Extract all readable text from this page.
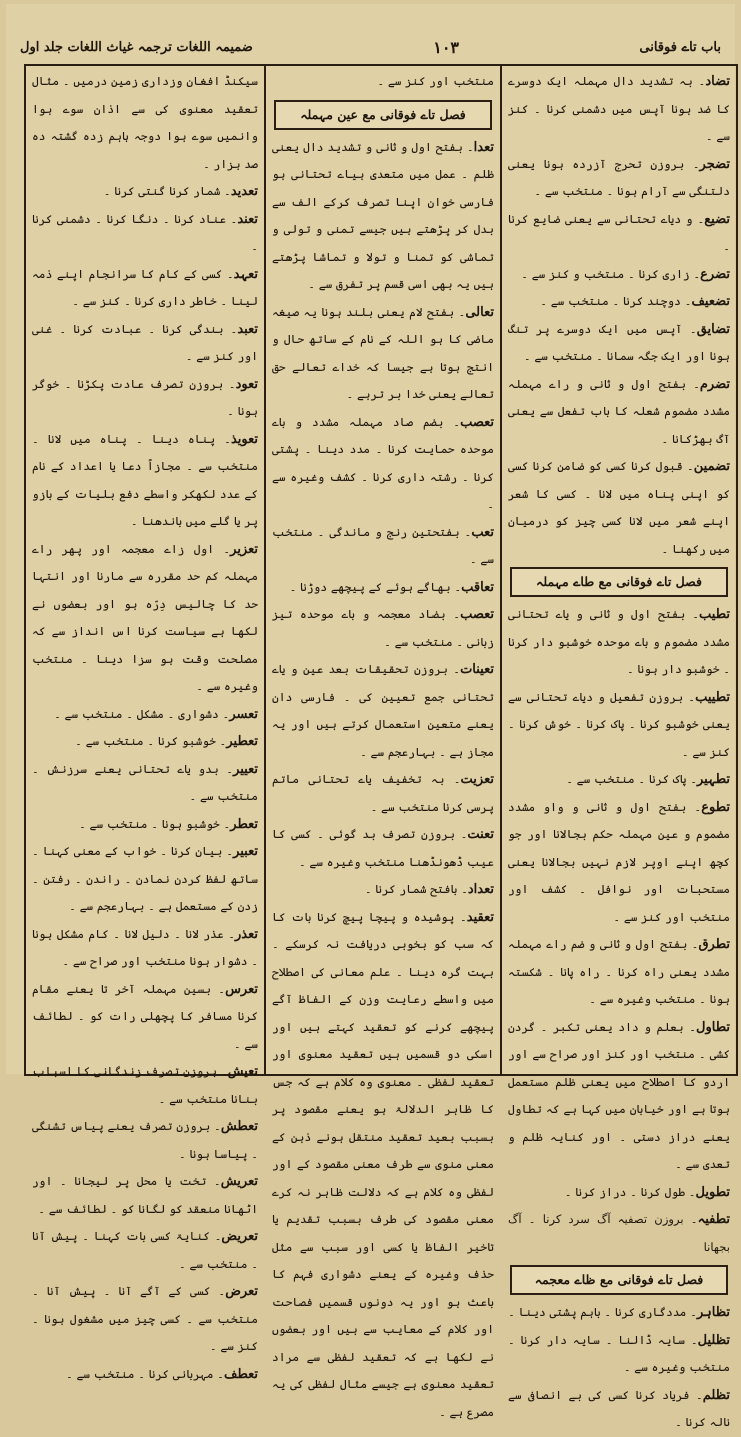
باب تاے فوقانی
۱۰۳
ضمیمہ اللغات ترجمہ غیاث اللغات جلد اول
تضاد۔ بہ تشدید دال مہملہ ایک دوسرے کا ضد ہونا آپس میں دشمنی کرنا ۔ کنز سے ۔
تضجر۔ بروزن تحرج آزرده ہونا یعنی دلتنگی سے آرام ہونا ۔ منتخب سے ۔
تضیع۔ و دیاے تحتانی سے یعنی ضایع کرنا ۔
تضرع۔ زاری کرنا ۔ منتخب و کنز سے ۔
تضعیف۔ دوچند کرنا ۔ منتخب سے ۔
تضایق۔ آپس میں ایک دوسرے پر تنگ ہونا اور ایک جگہ سمانا ۔ منتخب سے ۔
تضرم۔ بفتح اول و ثانی و راے مہملہ مشدد مضموم شعلہ کا باب تفعل سے یعنی آگ بھڑکانا ۔
تضمین۔ قبول کرنا کسی کو ضامن کرنا کسی کو اپنی پناہ میں لانا ۔ کسی کا شعر اپنے شعر میں لانا کسی چیز کو درمیان میں رکھنا ۔
فصل تاے فوقانی مع طاے مہملہ
تطیب۔ بفتح اول و ثانی و یاے تحتانی مشدد مضموم و باے موحدہ خوشبو دار کرنا ۔ خوشبو دار ہونا ۔
تطییب۔ بروزن تفعیل و دیاے تحتانی سے یعنی خوشبو کرنا ۔ پاک کرنا ۔ خوش کرنا ۔ کنز سے ۔
تطہیر۔ پاک کرنا ۔ منتخب سے ۔
تطوع۔ بفتح اول و ثانی و واو مشدد مضموم و عین مہملہ حکم بجالانا اور جو کچھ اپنے اوپر لازم نہیں بجالانا یعنی مستحبات اور نوافل ۔ کشف اور منتخب اور کنز سے ۔
تطرق۔ بفتح اول و ثانی و ضم راے مہملہ مشدد یعنی راہ کرنا ۔ راہ پانا ۔ شکستہ ہونا ۔ منتخب وغیرہ سے ۔
تطاول۔ بعلم و داد یعنی تکبر ۔ گردن کشی ۔ منتخب اور کنز اور صراح سے اور اردو کا اصطلاح میں یعنی ظلم مستعمل ہوتا ہے اور خیابان میں کہا ہے کہ تطاول یعنے دراز دستی ۔ اور کنایہ ظلم و تعدی سے ۔
تطویل۔ طول کرنا ۔ دراز کرنا ۔
تطفیہ۔ بروزن تصفیہ آگ سرد کرنا ۔ آگ بجھانا
فصل تاے فوقانی مع ظاے معجمہ
تظاہر۔ مددگاری کرنا ۔ باہم پشتی دینا ۔
تظلیل۔ سایہ ڈالنا ۔ سایہ دار کرنا ۔ منتخب وغیرہ سے ۔
تظلم۔ فریاد کرنا کسی کی بے انصافی سے نالہ کرنا ۔
منتخب اور کنز سے ۔
فصل تاے فوقانی مع عین مہملہ
تعدا۔ بفتح اول و ثانی و تشدید دال یعنی ظلم ۔ عمل میں متعدی ہیاے تحتانی ہو فارسی خوان اپنا تصرف کرکے الف سے بدل کر پڑھتے ہیں جیسے تمنی و تولی و تماشی کو تمنا و تولا و تماشا پڑھتے ہیں یہ بھی اسی قسم پر تفرق سے ۔
تعالی۔ بفتح لام یعنی بلند ہونا یہ صیغہ ماضی کا ہو اللہ کے نام کے ساتھ حال و انتج ہوتا ہے جیسا کہ خداے تعالے حق تعالے یعنی خدا بر ترہے ۔
تعصب۔ بضم صاد مہملہ مشدد و باے موحدہ حمایت کرنا ۔ مدد دینا ۔ پشتی کرنا ۔ رشتہ داری کرنا ۔ کشف وغیرہ سے ۔
تعب۔ بفتحتین رنج و ماندگی ۔ منتخب سے ۔
تعاقب۔ بھاگے ہوئے کے پیچھے دوڑنا ۔
تعصب۔ بضاد معجمہ و باے موحدہ تیز زبانی ۔ منتخب سے ۔
تعینات۔ بروزن تحقیقات بعد عین و یاے تحتانی جمع تعیین کی ۔ فارسی دان یعنے متعین استعمال کرتے ہیں اور یہ مجاز ہے ۔ بہارعجم سے ۔
تعزیت۔ بہ تخفیف یاے تحتانی ماتم پرسی کرنا منتخب سے ۔
تعنت۔ بروزن تصرف بد گوئی ۔ کسی کا عیب ڈھونڈھنا منتخب وغیرہ سے ۔
تعداد۔ بافتح شمار کرنا ۔
تعقید۔ پوشیدہ و پیچا پیچ کرنا بات کا کہ سب کو بخوبی دریافت نہ کرسکے ۔ بہت گرہ دینا ۔ علم معانی کی اصطلاح میں واسطے رعایت وزن کے الفاظ آگے پیچھے کرنے کو تعقید کہتے ہیں اور اسکی دو قسمیں ہیں تعقید معنوی اور تعقید لفظی ۔ معنوی وہ کلام ہے کہ جس کا ظاہر الدلالۃ ہو یعنے مقصود پر بسبب بعید تعقید منتقل ہونے ذہن کے معنی منوی سے طرف معنی مقصود کے اور لفظی وہ کلام ہے کہ دلالت ظاہر نہ کرے معنی مقصود کی طرف بسبب تقدیم یا تاخیر الفاظ یا کسی اور سبب سے مثل حذف وغیرہ کے یعنے دشواری فہم کا باعث ہو اور یہ دونوں قسمیں فصاحت اور کلام کے معایب سے ہیں اور بعضوں نے لکھا ہے کہ تعقید لفظی سے مراد تعقید معنوی ہے جیسے مثال لفظی کی یہ مصرع ہے ۔
سیکنڈ افغان وزداری زمین درمیں ۔ مثال تعقید معنوی کی سے اذان سوے ہوا وانمیں سوے ہوا دوجہ ہاہم زدہ گشتہ دہ صد ہزار ۔
تعدید۔ شمار کرنا گنتی کرنا ۔
تعند۔ عناد کرنا ۔ دنگا کرنا ۔ دشمنی کرنا ۔
تعہد۔ کسی کے کام کا سرانجام اپنے ذمہ لینا ۔ خاطر داری کرنا ۔ کنز سے ۔
تعبد۔ بندگی کرنا ۔ عبادت کرنا ۔ غنی اور کنز سے ۔
تعود۔ بروزن تصرف عادت پکڑنا ۔ خوگر ہونا ۔
تعویذ۔ پناہ دینا ۔ پناہ میں لانا ۔ منتخب سے ۔ مجازاً دعا یا اعداد کے نام کے عدد لکھکر واسطے دفع بلیات کے بازو پر یا گلے میں باندھنا ۔
تعزیر۔ اول زاے معجمہ اور پھر راے مہملہ کم حد مقررہ سے مارنا اور انتہا حد کا چالیس دِرّہ ہو اور بعضوں نے لکھا ہے سیاست کرنا اس انداز سے کہ مصلحت وقت ہو سزا دینا ۔ منتخب وغیرہ سے ۔
تعسر۔ دشواری ۔ مشکل ۔ منتخب سے ۔
تعطیر۔ خوشبو کرنا ۔ منتخب سے ۔
تعییر۔ بدو یاے تحتانی یعنے سرزنش ۔ منتخب سے ۔
تعطر۔ خوشبو ہونا ۔ منتخب سے ۔
تعبیر۔ بیان کرنا ۔ خواب کے معنی کہنا ۔ ساتھ لفظ کردن نمادن ۔ راندن ۔ رفتن ۔ زدن کے مستعمل ہے ۔ بہارعجم سے ۔
تعذر۔ عذر لانا ۔ دلیل لانا ۔ کام مشکل ہونا ۔ دشوار ہونا منتخب اور صراح سے ۔
تعرس۔ بسین مہملہ آخر تا یعنے مقام کرنا مسافر کا پچھلی رات کو ۔ لطائف سے ۔
تعیش۔ بروزن تصرف زندگانی کا اسباب بنانا منتخب سے ۔
تعطش۔ بروزن تصرف یعنے پیاس تشنگی ۔ پیاسا ہونا ۔
تعریش۔ تخت یا محل پر لیجانا ۔ اور اٹھانا منعقد کو لگانا کو ۔ لطائف سے ۔
تعریض۔ کنایۃ کسی بات کہنا ۔ پیش آنا ۔ منتخب سے ۔
تعرض۔ کسی کے آگے آنا ۔ پیش آنا ۔ منتخب سے ۔ کسی چیز میں مشغول ہونا ۔ کنز سے ۔
تعطف۔ مہربانی کرنا ۔ منتخب سے ۔
